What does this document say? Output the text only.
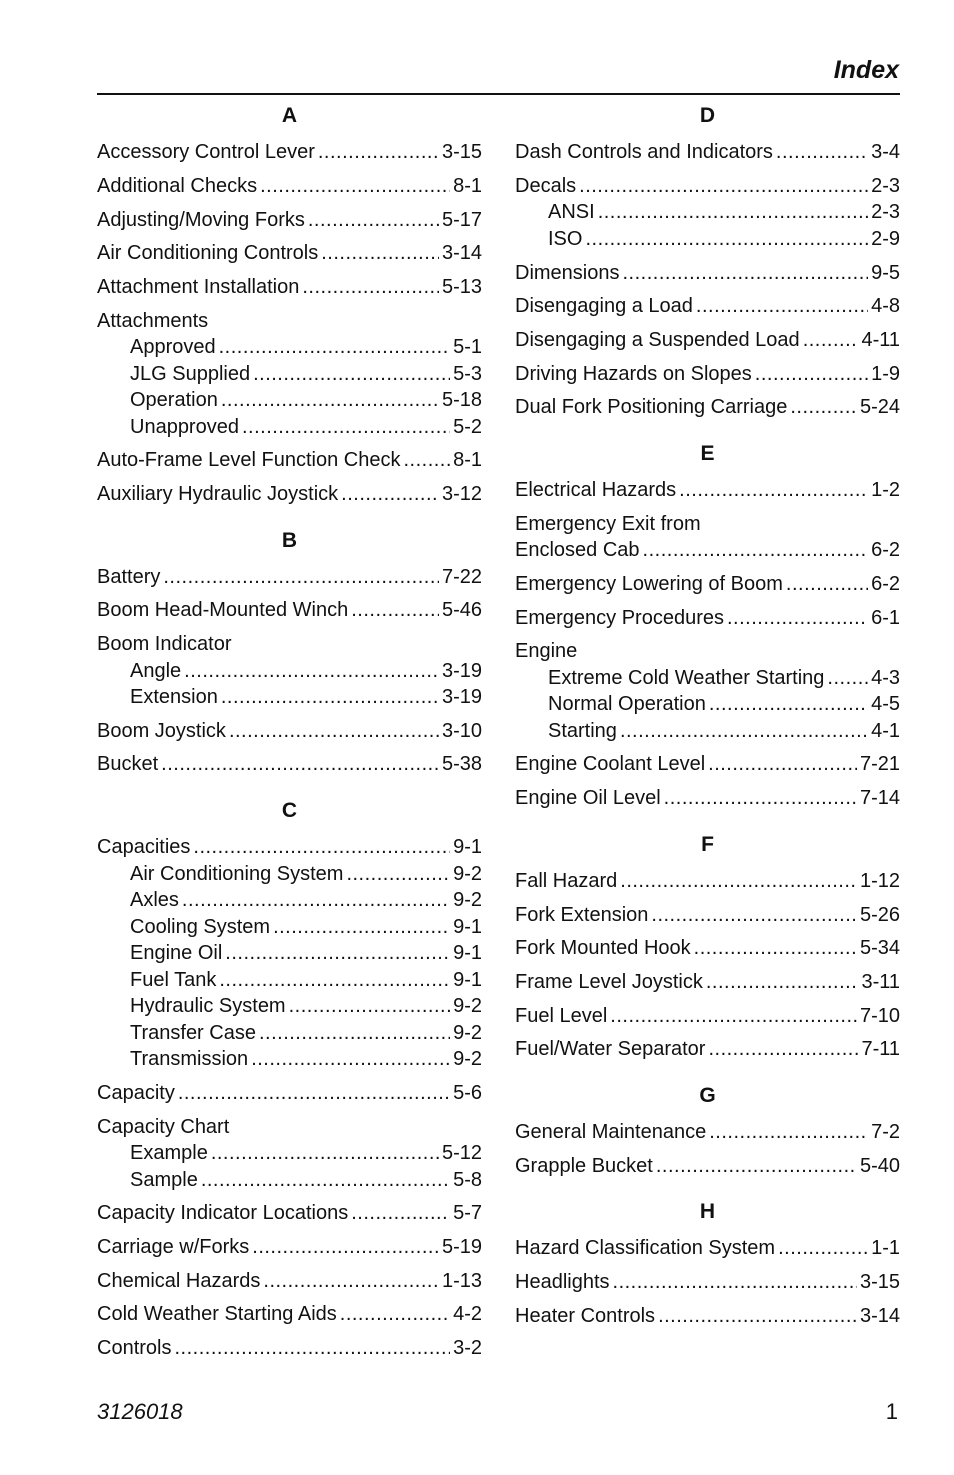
Index
A
Accessory Control Lever .....	3-15
Additional Checks .....	8-1
Adjusting/Moving Forks .....	5-17
Air Conditioning Controls .....	3-14
Attachment Installation .....	5-13
Attachments
Approved .....	5-1
JLG Supplied .....	5-3
Operation .....	5-18
Unapproved .....	5-2
Auto-Frame Level Function Check .....	8-1
Auxiliary Hydraulic Joystick .....	3-12
B
Battery .....	7-22
Boom Head-Mounted Winch .....	5-46
Boom Indicator
Angle .....	3-19
Extension .....	3-19
Boom Joystick .....	3-10
Bucket .....	5-38
C
Capacities .....	9-1
Air Conditioning System .....	9-2
Axles .....	9-2
Cooling System .....	9-1
Engine Oil .....	9-1
Fuel Tank .....	9-1
Hydraulic System .....	9-2
Transfer Case .....	9-2
Transmission .....	9-2
Capacity .....	5-6
Capacity Chart
Example .....	5-12
Sample .....	5-8
Capacity Indicator Locations .....	5-7
Carriage w/Forks .....	5-19
Chemical Hazards .....	1-13
Cold Weather Starting Aids .....	4-2
Controls .....	3-2
D
Dash Controls and Indicators .....	3-4
Decals .....	2-3
ANSI .....	2-3
ISO .....	2-9
Dimensions .....	9-5
Disengaging a Load .....	4-8
Disengaging a Suspended Load .....	4-11
Driving Hazards on Slopes .....	1-9
Dual Fork Positioning Carriage .....	5-24
E
Electrical Hazards .....	1-2
Emergency Exit from
Enclosed Cab .....	6-2
Emergency Lowering of Boom .....	6-2
Emergency Procedures .....	6-1
Engine
Extreme Cold Weather Starting ..... 4-3
Normal Operation .....	4-5
Starting .....	4-1
Engine Coolant Level .....	7-21
Engine Oil Level .....	7-14
F
Fall Hazard .....	1-12
Fork Extension .....	5-26
Fork Mounted Hook .....	5-34
Frame Level Joystick .....	3-11
Fuel Level .....	7-10
Fuel/Water Separator .....	7-11
G
General Maintenance .....	7-2
Grapple Bucket .....	5-40
H
Hazard Classification System .....	1-1
Headlights .....	3-15
Heater Controls .....	3-14
3126018	1
